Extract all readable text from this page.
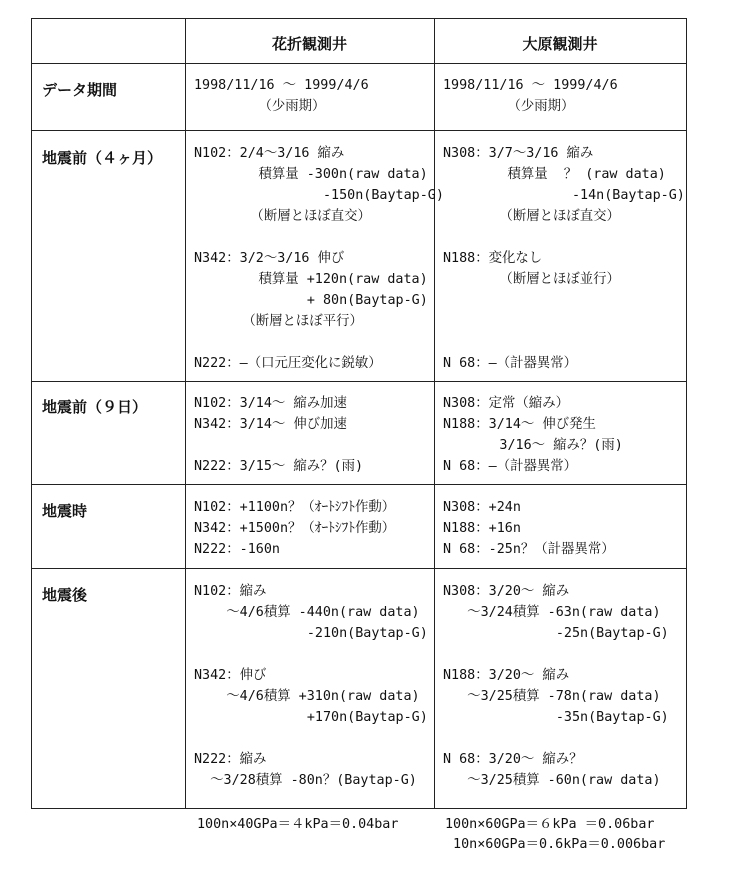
花折観測井	大原観測井
データ期間
地震前（４ヶ月）
地震前（９日）
地震時
地震後
1998/11/16 ～ 1999/4/6
（少雨期）
1998/11/16 ～ 1999/4/6
（少雨期）
N102：2/4～3/16 縮み
積算量 -300n(raw data)
-150n(Baytap-G)
（断層とほぼ直交）

N342：3/2～3/16 伸び
積算量 +120n(raw data)
+ 80n(Baytap-G)
（断層とほぼ平行）

N222：―（口元圧変化に鋭敏）
N308：3/7～3/16 縮み
積算量  ？ (raw data)
-14n(Baytap-G)
（断層とほぼ直交）

N188：変化なし
（断層とほぼ並行）

N 68：―（計器異常）
N102：3/14～ 縮み加速
N342：3/14～ 伸び加速

N222：3/15～ 縮み？(雨)
N308：定常（縮み）
N188：3/14～ 伸び発生
3/16～ 縮み？(雨)
N 68：―（計器異常）
N102：+1100n？（ｵｰﾄｼﾌﾄ作動）
N342：+1500n？（ｵｰﾄｼﾌﾄ作動）
N222：-160n
N308：+24n
N188：+16n
N 68：-25n？（計器異常）
N102：縮み
～4/6積算 -440n(raw data)
-210n(Baytap-G)

N342：伸び
～4/6積算 +310n(raw data)
+170n(Baytap-G)

N222：縮み
～3/28積算 -80n？(Baytap-G)
N308：3/20～ 縮み
～3/24積算 -63n(raw data)
-25n(Baytap-G)

N188：3/20～ 縮み
～3/25積算 -78n(raw data)
-35n(Baytap-G)

N 68：3/20～ 縮み？
～3/25積算 -60n(raw data)
100n×40GPa＝４kPa＝0.04bar	100n×60GPa＝６kPa ＝0.06bar
10n×60GPa＝0.6kPa＝0.006bar
